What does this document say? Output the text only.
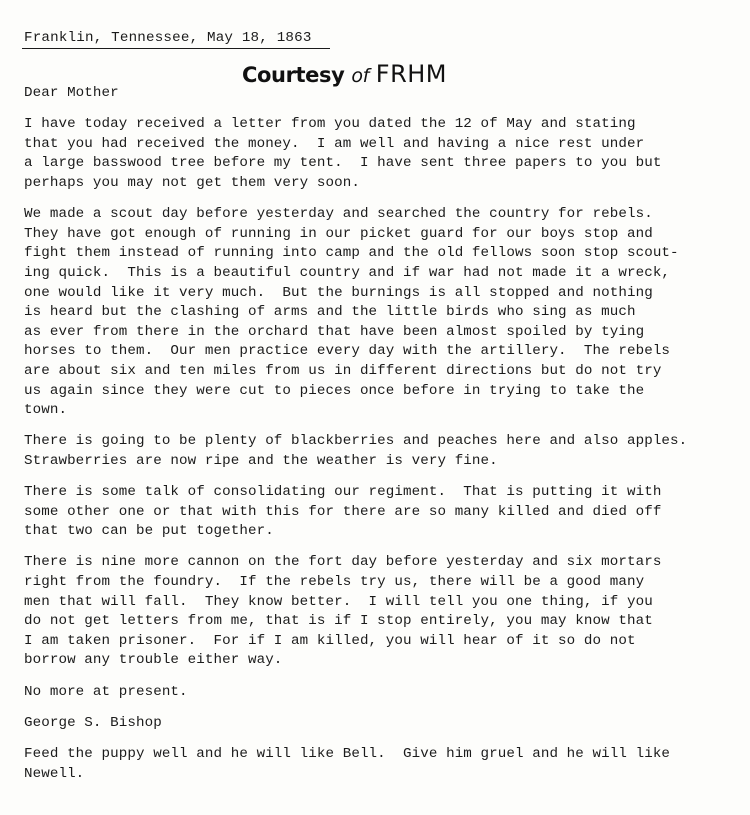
Franklin, Tennessee, May 18, 1863
Courtesy of FRHM
Dear Mother
I have today received a letter from you dated the 12 of May and stating
that you had received the money.  I am well and having a nice rest under
a large basswood tree before my tent.  I have sent three papers to you but
perhaps you may not get them very soon.
We made a scout day before yesterday and searched the country for rebels.
They have got enough of running in our picket guard for our boys stop and
fight them instead of running into camp and the old fellows soon stop scout-
ing quick.  This is a beautiful country and if war had not made it a wreck,
one would like it very much.  But the burnings is all stopped and nothing
is heard but the clashing of arms and the little birds who sing as much
as ever from there in the orchard that have been almost spoiled by tying
horses to them.  Our men practice every day with the artillery.  The rebels
are about six and ten miles from us in different directions but do not try
us again since they were cut to pieces once before in trying to take the
town.
There is going to be plenty of blackberries and peaches here and also apples.
Strawberries are now ripe and the weather is very fine.
There is some talk of consolidating our regiment.  That is putting it with
some other one or that with this for there are so many killed and died off
that two can be put together.
There is nine more cannon on the fort day before yesterday and six mortars
right from the foundry.  If the rebels try us, there will be a good many
men that will fall.  They know better.  I will tell you one thing, if you
do not get letters from me, that is if I stop entirely, you may know that
I am taken prisoner.  For if I am killed, you will hear of it so do not
borrow any trouble either way.
No more at present.
George S. Bishop
Feed the puppy well and he will like Bell.  Give him gruel and he will like
Newell.
